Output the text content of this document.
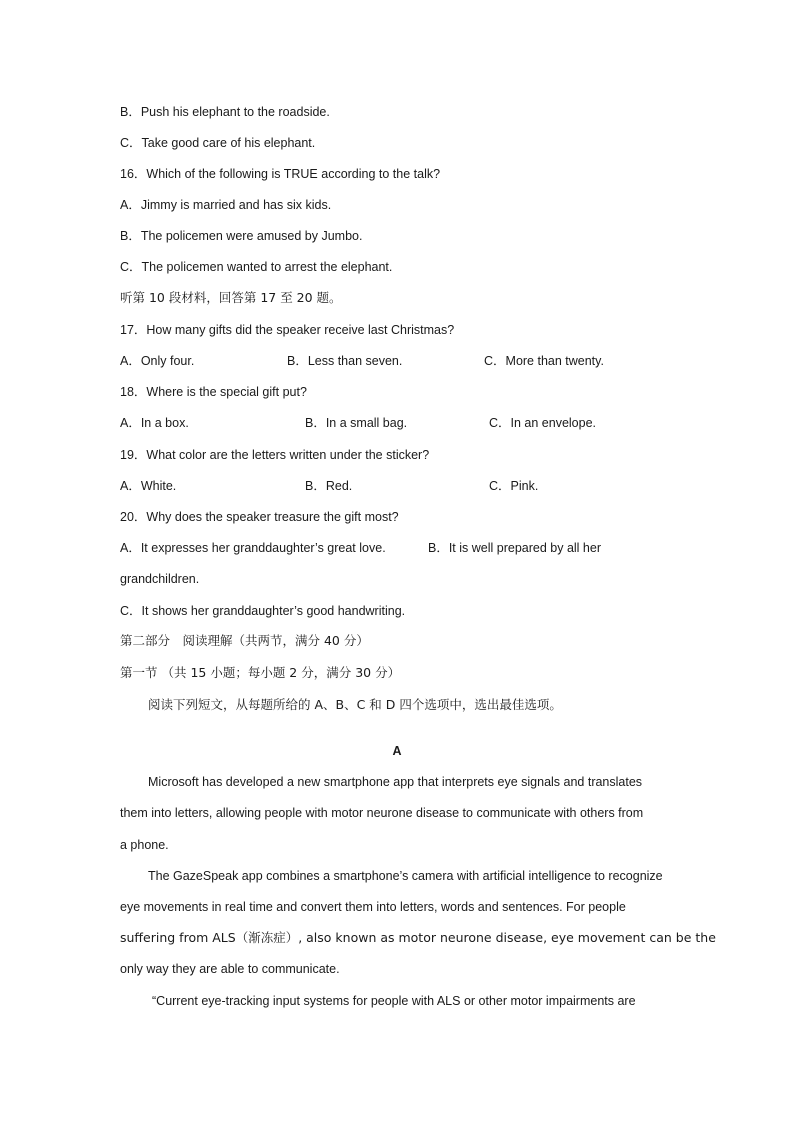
B．Push his elephant to the roadside.
C．Take good care of his elephant.
16．Which of the following is TRUE according to the talk?
A．Jimmy is married and has six kids.
B．The policemen were amused by Jumbo.
C．The policemen wanted to arrest the elephant.
听第 10 段材料，回答第 17 至 20 题。
17．How many gifts did the speaker receive last Christmas?
A．Only four.	B．Less than seven.	C．More than twenty.
18．Where is the special gift put?
A．In a box.	B．In a small bag.	C．In an envelope.
19．What color are the letters written under the sticker?
A．White.	B．Red.	C．Pink.
20．Why does the speaker treasure the gift most?
A．It expresses her granddaughter’s great love.	B．It is well prepared by all her
grandchildren.
C．It shows her granddaughter’s good handwriting.
第二部分　阅读理解（共两节，满分 40 分）
第一节 （共 15 小题；每小题 2 分，满分 30 分）
阅读下列短文，从每题所给的 A、B、C 和 D 四个选项中，选出最佳选项。
A
Microsoft has developed a new smartphone app that interprets eye signals and translates
them into letters, allowing people with motor neurone disease to communicate with others from
a phone.
The GazeSpeak app combines a smartphone’s camera with artificial intelligence to recognize
eye movements in real time and convert them into letters, words and sentences. For people
suffering from ALS（渐冻症）, also known as motor neurone disease, eye movement can be the
only way they are able to communicate.
“Current eye-tracking input systems for people with ALS or other motor impairments are
